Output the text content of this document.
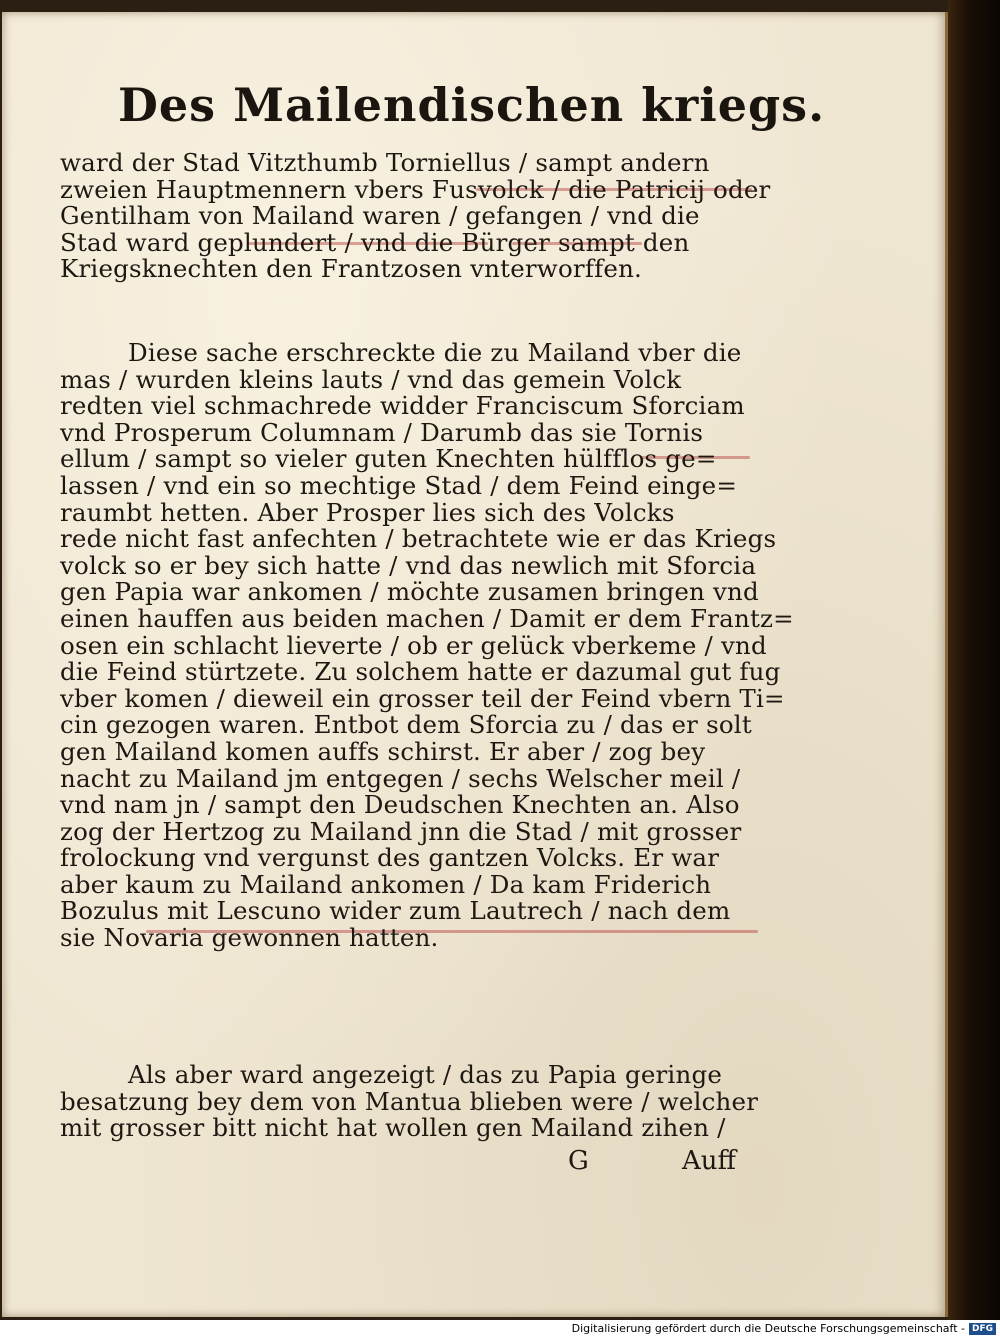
Des Mailendischen kriegs.
ward der Stad Vitzthumb Torniellus / sampt andern
zweien Hauptmennern vbers Fusvolck / die Patricij oder
Gentilham von Mailand waren / gefangen / vnd die
Stad ward geplundert / vnd die Bürger sampt den
Kriegsknechten den Frantzosen vnterworffen.
Diese sache erschreckte die zu Mailand vber die
mas / wurden kleins lauts / vnd das gemein Volck
redten viel schmachrede widder Franciscum Sforciam
vnd Prosperum Columnam / Darumb das sie Tornis
ellum / sampt so vieler guten Knechten hülfflos ge=
lassen / vnd ein so mechtige Stad / dem Feind einge=
raumbt hetten. Aber Prosper lies sich des Volcks
rede nicht fast anfechten / betrachtete wie er das Kriegs
volck so er bey sich hatte / vnd das newlich mit Sforcia
gen Papia war ankomen / möchte zusamen bringen vnd
einen hauffen aus beiden machen / Damit er dem Frantz=
osen ein schlacht lieverte / ob er gelück vberkeme / vnd
die Feind stürtzete. Zu solchem hatte er dazumal gut fug
vber komen / dieweil ein grosser teil der Feind vbern Ti=
cin gezogen waren. Entbot dem Sforcia zu / das er solt
gen Mailand komen auffs schirst. Er aber / zog bey
nacht zu Mailand jm entgegen / sechs Welscher meil /
vnd nam jn / sampt den Deudschen Knechten an. Also
zog der Hertzog zu Mailand jnn die Stad / mit grosser
frolockung vnd vergunst des gantzen Volcks. Er war
aber kaum zu Mailand ankomen / Da kam Friderich
Bozulus mit Lescuno wider zum Lautrech / nach dem
sie Novaria gewonnen hatten.
Als aber ward angezeigt / das zu Papia geringe
besatzung bey dem von Mantua blieben were / welcher
mit grosser bitt nicht hat wollen gen Mailand zihen /
G	Auff
Digitalisierung gefördert durch die Deutsche Forschungsgemeinschaft - DFG
